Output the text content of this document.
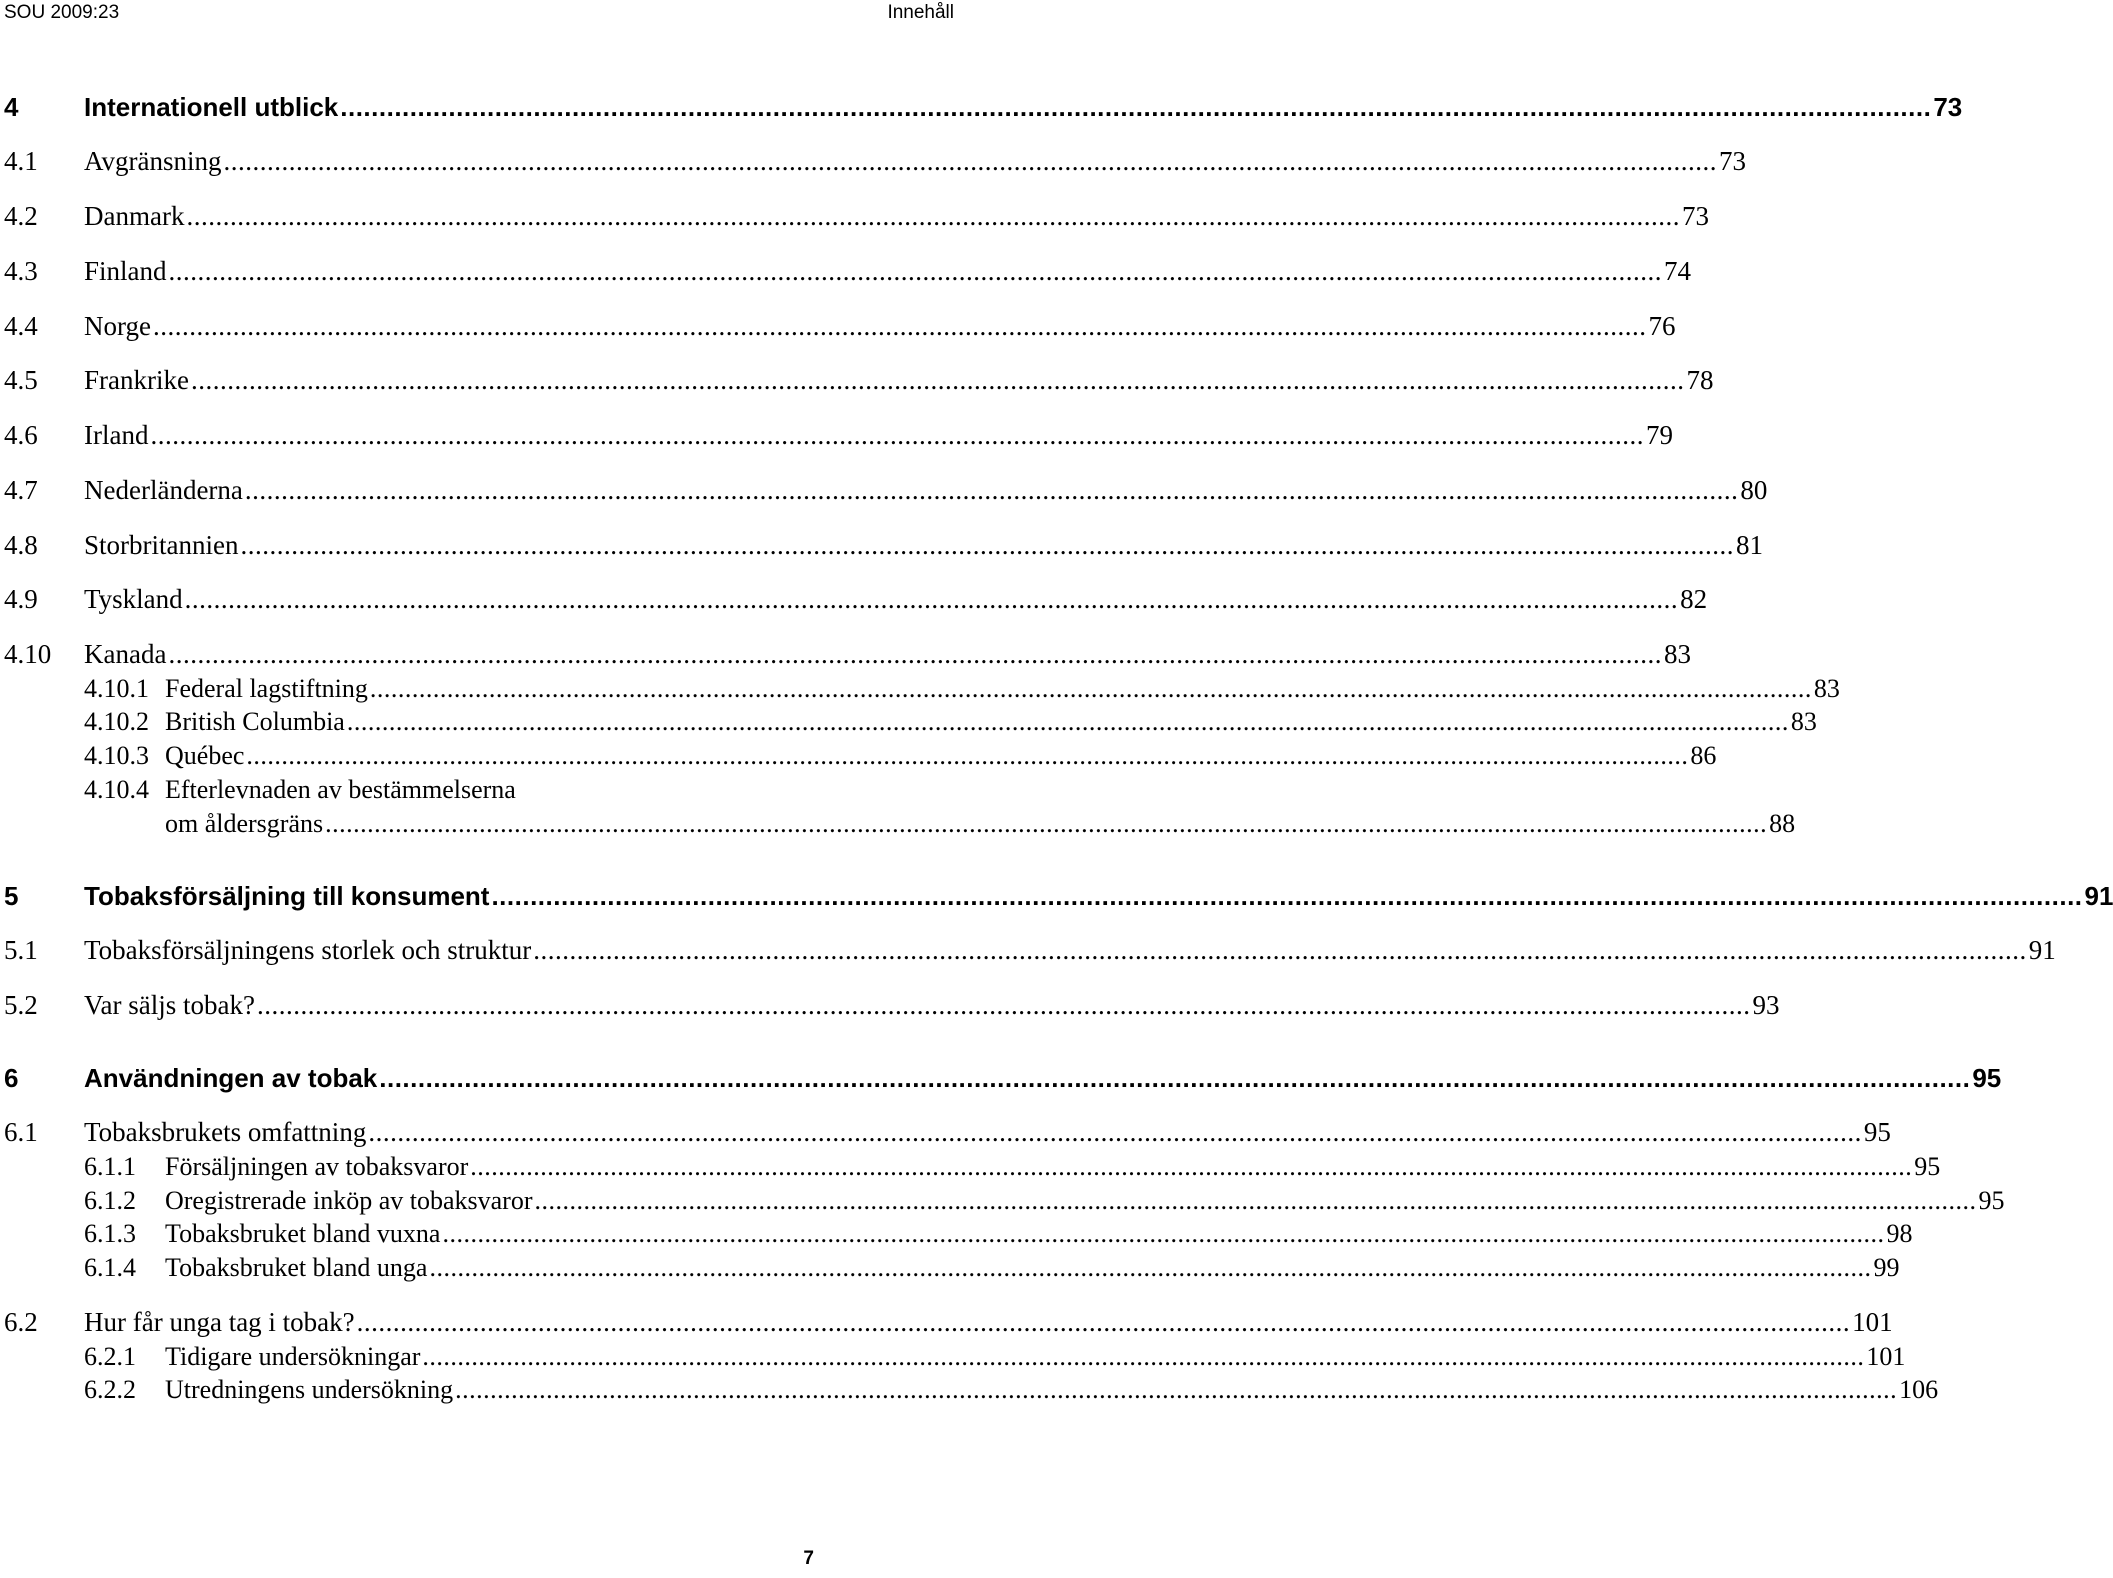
SOU 2009:23	Innehåll
4	Internationell utblick .....	73
4.1 Avgränsning .....	73
4.2 Danmark .....	73
4.3 Finland .....	74
4.4 Norge .....	76
4.5 Frankrike .....	78
4.6 Irland .....	79
4.7 Nederländerna .....	80
4.8 Storbritannien .....	81
4.9 Tyskland .....	82
4.10 Kanada .....	83
4.10.1 Federal lagstiftning .....	83
4.10.2 British Columbia .....	83
4.10.3 Québec .....	86
4.10.4 Efterlevnaden av bestämmelserna
om åldersgräns .....	88
5	Tobaksförsäljning till konsument .....	91
5.1 Tobaksförsäljningens storlek och struktur .....	91
5.2 Var säljs tobak? .....	93
6	Användningen av tobak .....	95
6.1 Tobaksbrukets omfattning .....	95
6.1.1 Försäljningen av tobaksvaror .....	95
6.1.2 Oregistrerade inköp av tobaksvaror .....	95
6.1.3 Tobaksbruket bland vuxna .....	98
6.1.4 Tobaksbruket bland unga .....	99
6.2 Hur får unga tag i tobak? .....	101
6.2.1 Tidigare undersökningar .....	101
6.2.2 Utredningens undersökning .....	106
7
